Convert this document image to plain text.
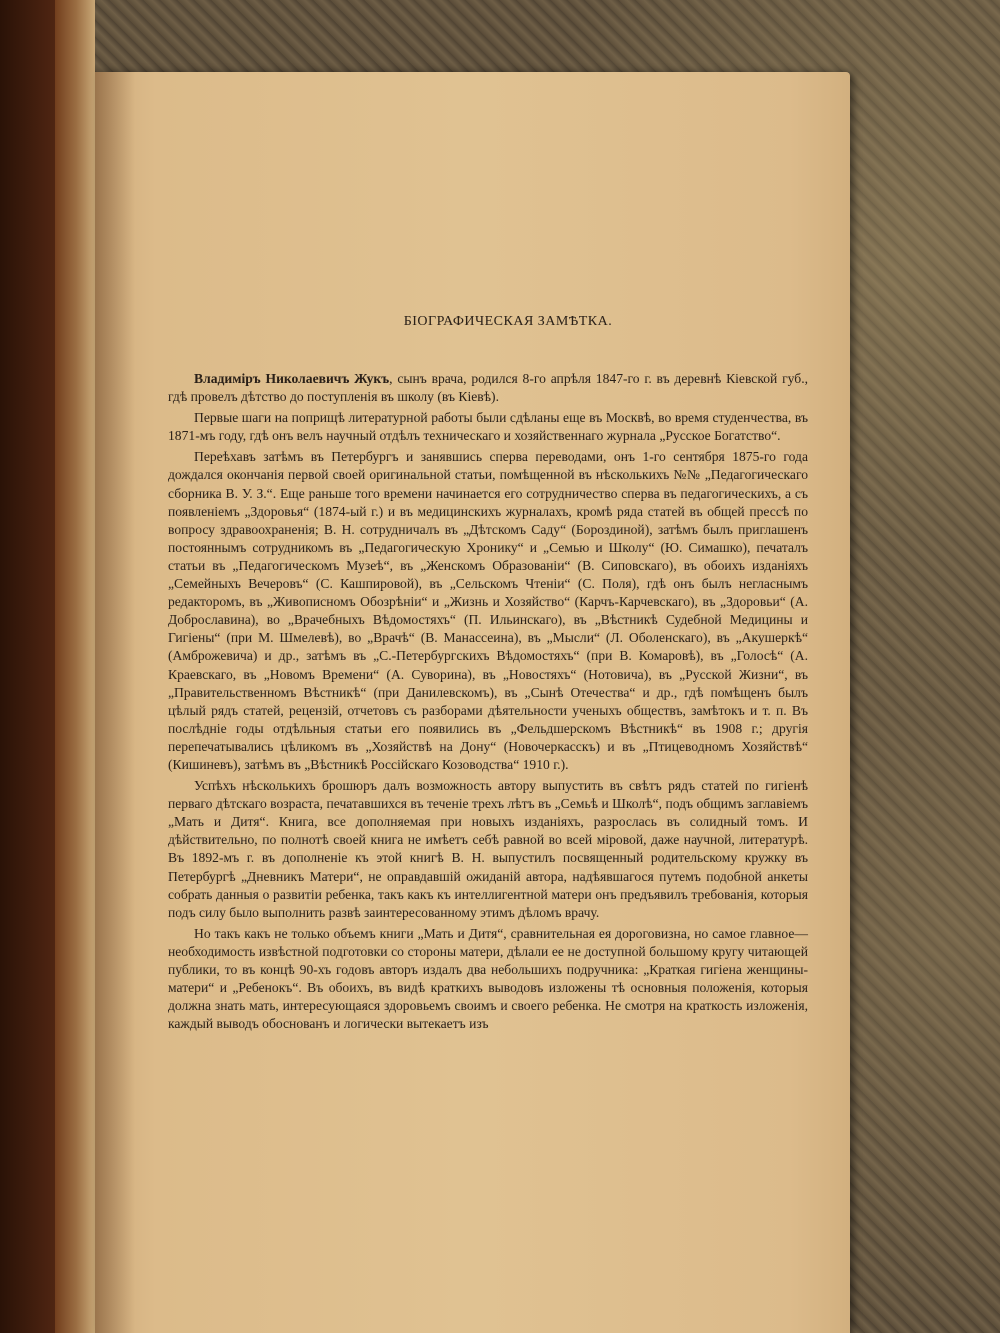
БІОГРАФИЧЕСКАЯ ЗАМѢТКА.

Владиміръ Николаевичъ Жукъ, сынъ врача, родился 8-го апрѣля 1847-го г. въ деревнѣ Кіевской губ., гдѣ провелъ дѣтство до поступленія въ школу (въ Кіевѣ).

Первые шаги на поприщѣ литературной работы были сдѣланы еще въ Москвѣ, во время студенчества, въ 1871-мъ году, гдѣ онъ велъ научный отдѣлъ техническаго и хозяйственнаго журнала „Русское Богатство“.

Переѣхавъ затѣмъ въ Петербургъ и занявшись сперва переводами, онъ 1-го сентября 1875-го года дождался окончанія первой своей оригинальной статьи, помѣщенной въ нѣсколькихъ №№ „Педагогическаго сборника В. У. З.“. Еще раньше того времени начинается его сотрудничество сперва въ педагогическихъ, а съ появленіемъ „Здоровья“ (1874-ый г.) и въ медицинскихъ журналахъ, кромѣ ряда статей въ общей прессѣ по вопросу здравоохраненія; В. Н. сотрудничалъ въ „Дѣтскомъ Саду“ (Бороздиной), затѣмъ былъ приглашенъ постояннымъ сотрудникомъ въ „Педагогическую Хронику“ и „Семью и Школу“ (Ю. Симашко), печаталъ статьи въ „Педагогическомъ Музеѣ“, въ „Женскомъ Образованіи“ (В. Сиповскаго), въ обоихъ изданіяхъ „Семейныхъ Вечеровъ“ (С. Кашпировой), въ „Сельскомъ Чтеніи“ (С. Поля), гдѣ онъ былъ негласнымъ редакторомъ, въ „Живописномъ Обозрѣніи“ и „Жизнь и Хозяйство“ (Карчъ-Карчевскаго), въ „Здоровьи“ (А. Доброславина), во „Врачебныхъ Вѣдомостяхъ“ (П. Ильинскаго), въ „Вѣстникѣ Судебной Медицины и Гигіены“ (при М. Шмелевѣ), во „Врачѣ“ (В. Манассеина), въ „Мысли“ (Л. Оболенскаго), въ „Акушеркѣ“ (Амброжевича) и др., затѣмъ въ „С.-Петербургскихъ Вѣдомостяхъ“ (при В. Комаровѣ), въ „Голосѣ“ (А. Краевскаго, въ „Новомъ Времени“ (А. Суворина), въ „Новостяхъ“ (Нотовича), въ „Русской Жизни“, въ „Правительственномъ Вѣстникѣ“ (при Данилевскомъ), въ „Сынѣ Отечества“ и др., гдѣ помѣщенъ былъ цѣлый рядъ статей, рецензій, отчетовъ съ разборами дѣятельности ученыхъ обществъ, замѣтокъ и т. п. Въ послѣдніе годы отдѣльныя статьи его появились въ „Фельдшерскомъ Вѣстникѣ“ въ 1908 г.; другія перепечатывались цѣликомъ въ „Хозяйствѣ на Дону“ (Новочеркасскъ) и въ „Птицеводномъ Хозяйствѣ“ (Кишиневъ), затѣмъ въ „Вѣстникѣ Россійскаго Козоводства“ 1910 г.).

Успѣхъ нѣсколькихъ брошюръ далъ возможность автору выпустить въ свѣтъ рядъ статей по гигіенѣ перваго дѣтскаго возраста, печатавшихся въ теченіе трехъ лѣтъ въ „Семьѣ и Школѣ“, подъ общимъ заглавіемъ „Мать и Дитя“. Книга, все дополняемая при новыхъ изданіяхъ, разрослась въ солидный томъ. И дѣйствительно, по полнотѣ своей книга не имѣетъ себѣ равной во всей міровой, даже научной, литературѣ. Въ 1892-мъ г. въ дополненіе къ этой книгѣ В. Н. выпустилъ посвященный родительскому кружку въ Петербургѣ „Дневникъ Матери“, не оправдавшій ожиданій автора, надѣявшагося путемъ подобной анкеты собрать данныя о развитіи ребенка, такъ какъ къ интеллигентной матери онъ предъявилъ требованія, которыя подъ силу было выполнить развѣ заинтересованному этимъ дѣломъ врачу.

Но такъ какъ не только объемъ книги „Мать и Дитя“, сравнительная ея дороговизна, но самое главное—необходимость извѣстной подготовки со стороны матери, дѣлали ее не доступной большому кругу читающей публики, то въ концѣ 90-хъ годовъ авторъ издалъ два небольшихъ подручника: „Краткая гигіена женщины-матери“ и „Ребенокъ“. Въ обоихъ, въ видѣ краткихъ выводовъ изложены тѣ основныя положенія, которыя должна знать мать, интересующаяся здоровьемъ своимъ и своего ребенка. Не смотря на краткость изложенія, каждый выводъ обоснованъ и логически вытекаетъ изъ
